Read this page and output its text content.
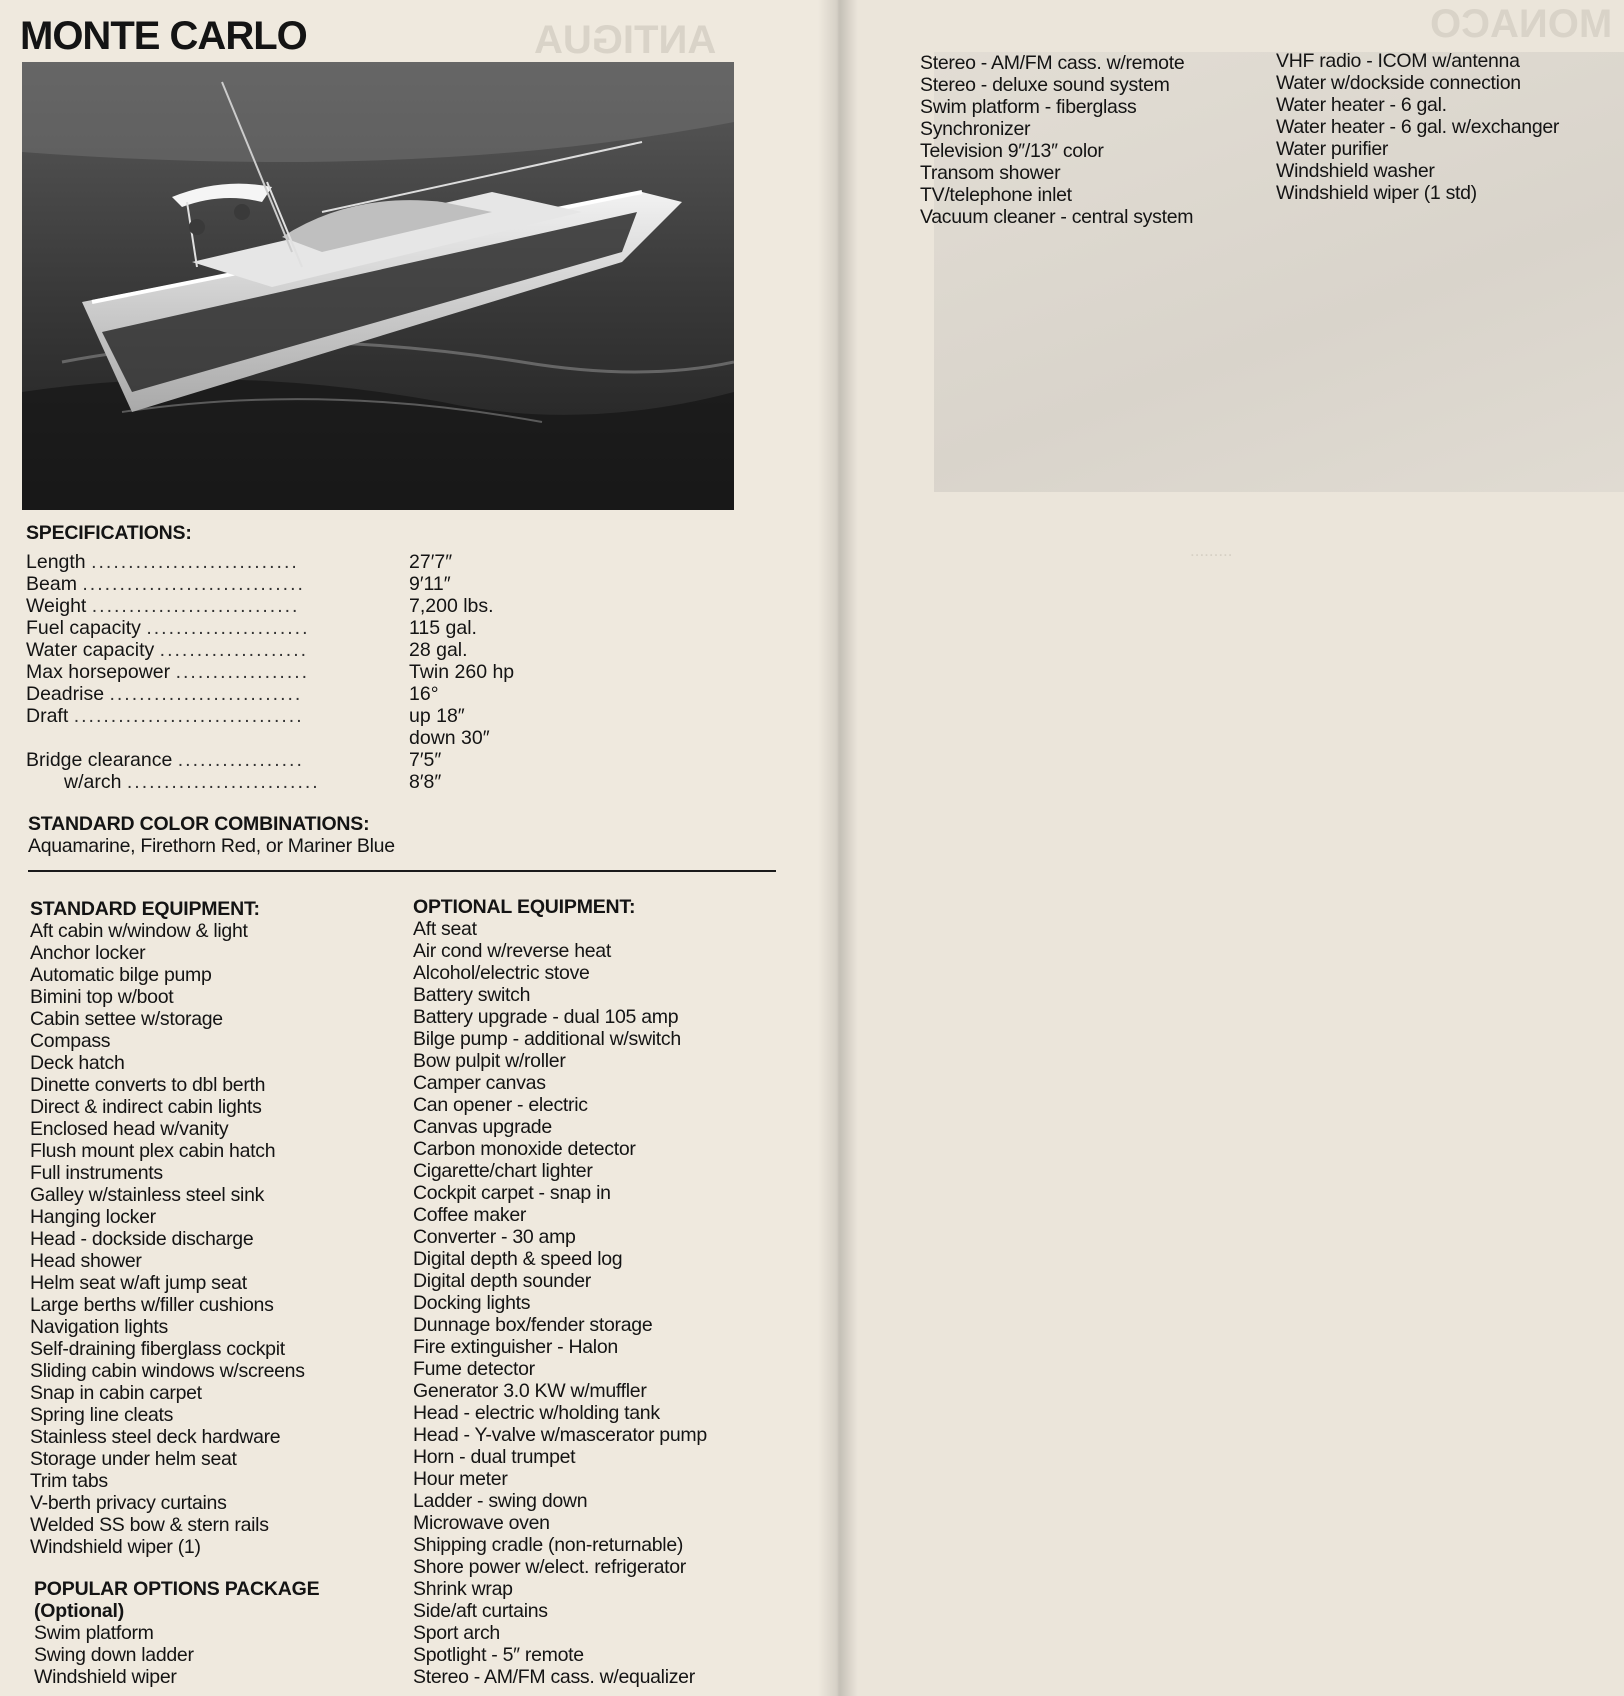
ANTIGUA
MONTE CARLO
SPECIFICATIONS:
Length ............................	27′7″
Beam ..............................	9′11″
Weight ............................	7,200 lbs.
Fuel capacity ......................	115 gal.
Water capacity ....................	28 gal.
Max horsepower ..................	Twin 260 hp
Deadrise ..........................	16°
Draft ...............................	up 18″
down 30″
Bridge clearance .................	7′5″
w/arch ..........................	8′8″
STANDARD COLOR COMBINATIONS:
Aquamarine, Firethorn Red, or Mariner Blue
STANDARD EQUIPMENT:
Aft cabin w/window & light
Anchor locker
Automatic bilge pump
Bimini top w/boot
Cabin settee w/storage
Compass
Deck hatch
Dinette converts to dbl berth
Direct & indirect cabin lights
Enclosed head w/vanity
Flush mount plex cabin hatch
Full instruments
Galley w/stainless steel sink
Hanging locker
Head - dockside discharge
Head shower
Helm seat w/aft jump seat
Large berths w/filler cushions
Navigation lights
Self-draining fiberglass cockpit
Sliding cabin windows w/screens
Snap in cabin carpet
Spring line cleats
Stainless steel deck hardware
Storage under helm seat
Trim tabs
V-berth privacy curtains
Welded SS bow & stern rails
Windshield wiper (1)
POPULAR OPTIONS PACKAGE
(Optional)
Swim platform
Swing down ladder
Windshield wiper
OPTIONAL EQUIPMENT:
Aft seat
Air cond w/reverse heat
Alcohol/electric stove
Battery switch
Battery upgrade - dual 105 amp
Bilge pump - additional w/switch
Bow pulpit w/roller
Camper canvas
Can opener - electric
Canvas upgrade
Carbon monoxide detector
Cigarette/chart lighter
Cockpit carpet - snap in
Coffee maker
Converter - 30 amp
Digital depth & speed log
Digital depth sounder
Docking lights
Dunnage box/fender storage
Fire extinguisher - Halon
Fume detector
Generator 3.0 KW w/muffler
Head - electric w/holding tank
Head - Y-valve w/mascerator pump
Horn - dual trumpet
Hour meter
Ladder - swing down
Microwave oven
Shipping cradle (non-returnable)
Shore power w/elect. refrigerator
Shrink wrap
Side/aft curtains
Sport arch
Spotlight - 5″ remote
Stereo - AM/FM cass. w/equalizer
MONACO
.........
Stereo - AM/FM cass. w/remote
Stereo - deluxe sound system
Swim platform - fiberglass
Synchronizer
Television 9″/13″ color
Transom shower
TV/telephone inlet
Vacuum cleaner - central system
VHF radio - ICOM w/antenna
Water w/dockside connection
Water heater - 6 gal.
Water heater - 6 gal. w/exchanger
Water purifier
Windshield washer
Windshield wiper (1 std)
